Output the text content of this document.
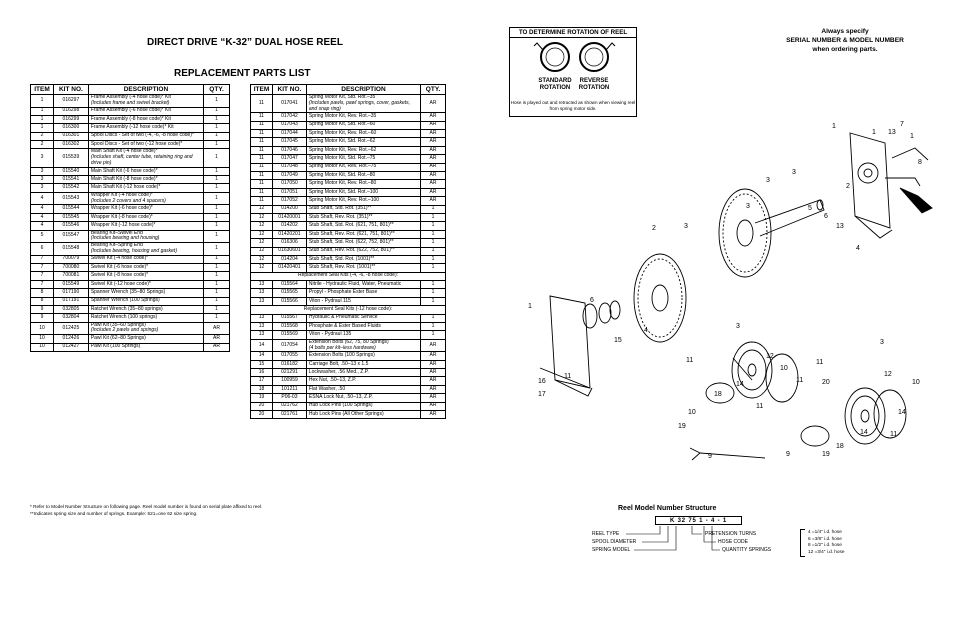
DIRECT DRIVE “K-32” DUAL HOSE REEL
REPLACEMENT PARTS LIST
ITEM	KIT NO.	DESCRIPTION	QTY.
1	016297	Frame Assembly (-4 hose code)* Kit
(Includes frame and swivel bracket)	1
1	016298	Frame Assembly (-6 hose code)* Kit	1
1	016299	Frame Assembly (-8 hose code)* Kit	1
1	016300	Frame Assembly (-12 hose code)* Kit	1
2	016301	Spool Discs - Set of two (-4, -6, -8 hose code)*	1
2	016302	Spool Discs - Set of two (-12 hose code)*	1
3	015539	Main Shaft Kit (-4 hose code)*
(Includes shaft, center tube, retaining ring and drive pin)	1
3	015540	Main Shaft Kit (-6 hose code)*	1
3	015541	Main Shaft Kit (-8 hose code)*	1
3	015542	Main Shaft Kit (-12 hose code)*	1
4	015543	Wrapper Kit (-4 hose code)*
(Includes 2 covers and 4 spacers)	1
4	015544	Wrapper Kit (-6 hose code)*	1
4	015545	Wrapper Kit (-8 hose code)*	1
4	015546	Wrapper Kit (-12 hose code)*	1
5	015547	Bearing Kit–Swivel End
(Includes bearing and housing)	1
6	015548	Bearing Kit–Spring End
(Includes bearing, housing and gasket)	1
7	700079	Swivel Kit (-4 hose code)*	1
7	700080	Swivel Kit (-6 hose code)*	1
7	700081	Swivel Kit (-8 hose code)*	1
7	015549	Swivel Kit (-12 hose code)*	1
8	017190	Spanner Wrench (35–80 Springs)	1
8	017191	Spanner Wrench (100 Springs)	1
9	032805	Ratchet Wrench (35–80 springs)	1
9	032804	Ratchet Wrench (100 springs)	1
10	012425	Pawl Kit (35–60 Springs)
(Includes 2 pawls and springs)	AR
10	012426	Pawl Kit (62–80 Springs)	AR
10	012427	Pawl Kit (100 Springs)	AR
ITEM	KIT NO.	DESCRIPTION	QTY.
11	017041	Spring Motor Kit, Std. Rot.–35
(Includes pawls, pawl springs, cover, gaskets, and snap ring)	AR
11	017042	Spring Motor Kit, Rev. Rot.–35	AR
11	017043	Spring Motor Kit, Std. Rot.–60	AR
11	017044	Spring Motor Kit, Rev. Rot.–60	AR
11	017045	Spring Motor Kit, Std. Rot.–62	AR
11	017046	Spring Motor Kit, Rev. Rot.–62	AR
11	017047	Spring Motor Kit, Std. Rot.–75	AR
11	017048	Spring Motor Kit, Rev. Rot.–75	AR
11	017049	Spring Motor Kit, Std. Rot.–80	AR
11	017050	Spring Motor Kit, Rev. Rot.–80	AR
11	017051	Spring Motor Kit, Std. Rot.–100	AR
11	017052	Spring Motor Kit, Rev. Rot.–100	AR
12	014200	Stub Shaft, Std. Rot. (351)**	1
12	01420001	Stub Shaft, Rev. Rot. (351)**	1
12	014202	Stub Shaft, Std. Rot. (621, 751, 801)**	1
12	01420201	Stub Shaft, Rev. Rot. (621, 751, 801)**	1
12	016306	Stub Shaft, Std. Rot. (622, 752, 801)**	1
12	01630601	Stub Shaft, Rev. Rot. (622, 752, 801)**	1
12	014204	Stub Shaft, Std. Rot. (1001)**	1
12	01420401	Stub Shaft, Rev. Rot. (1001)**	1
Replacement Seal Kits (-4, -6, -8 hose code):			
13	015564	Nitrile - Hydraulic Fluid, Water, Pneumatic	1
13	015565	Propyl - Phosphate Ester Base	1
13	015566	Viton - Pydraul 115	1
Replacement Seal Kits (-12 hose code):			
13	015567	Hydraulic & Pneumatic Service	1
13	015568	Phosphate & Ester Based Fluids	1
13	015569	Viton - Pydraul 135	1
14	017054	Extension Bolts (62, 75, 80 Springs)
(4 bolts per kit–less hardware)	AR
14	017055	Extension Bolts (100 Springs)	AR
15	016182	Carriage Bolt, .50–13 x 1.5	AR
16	021291	Lockwasher, .56 Med., Z.P.	AR
17	100959	Hex Nut, .50–13, Z.P.	AR
18	101211	Flat Washer, .50	AR
19	P06-03	ESNA Lock Nut, .50–13, Z.P.	AR
20	021762	Hub Lock Pins (100 Springs)	AR
20	021761	Hub Lock Pins (All Other Springs)	AR
* Refer to Model Number Structure on following page. Reel model number is found on serial plate affixed to reel.
**Indicates spring size and number of springs. Example: 621=one 62 size spring.
TO DETERMINE ROTATION OF REEL
STANDARD ROTATION
REVERSE ROTATION
Hose is played out and retracted as shown when viewing reel from spring motor side.
Always specify
SERIAL NUMBER & MODEL NUMBER
when ordering parts.
1
1 13
7
1
8
2
3
3
5
6
13
4
3
2	3
1
15
6
4
3
12
16
17
11
10
11
11
14
18
10
19
9
11
3
12
10
20
14
14
18
19
9
11
11
Reel Model Number Structure
K 32 75 1 - 4 - 1
REEL TYPE
SPOOL DIAMETER
SPRING MODEL
PRETENSION TURNS
HOSE CODE
QUANTITY SPRINGS
4 =1/4" i.d. hose
6 =3/8" i.d. hose
8 =1/2" i.d. hose
12 =3/4" i.d. hose
